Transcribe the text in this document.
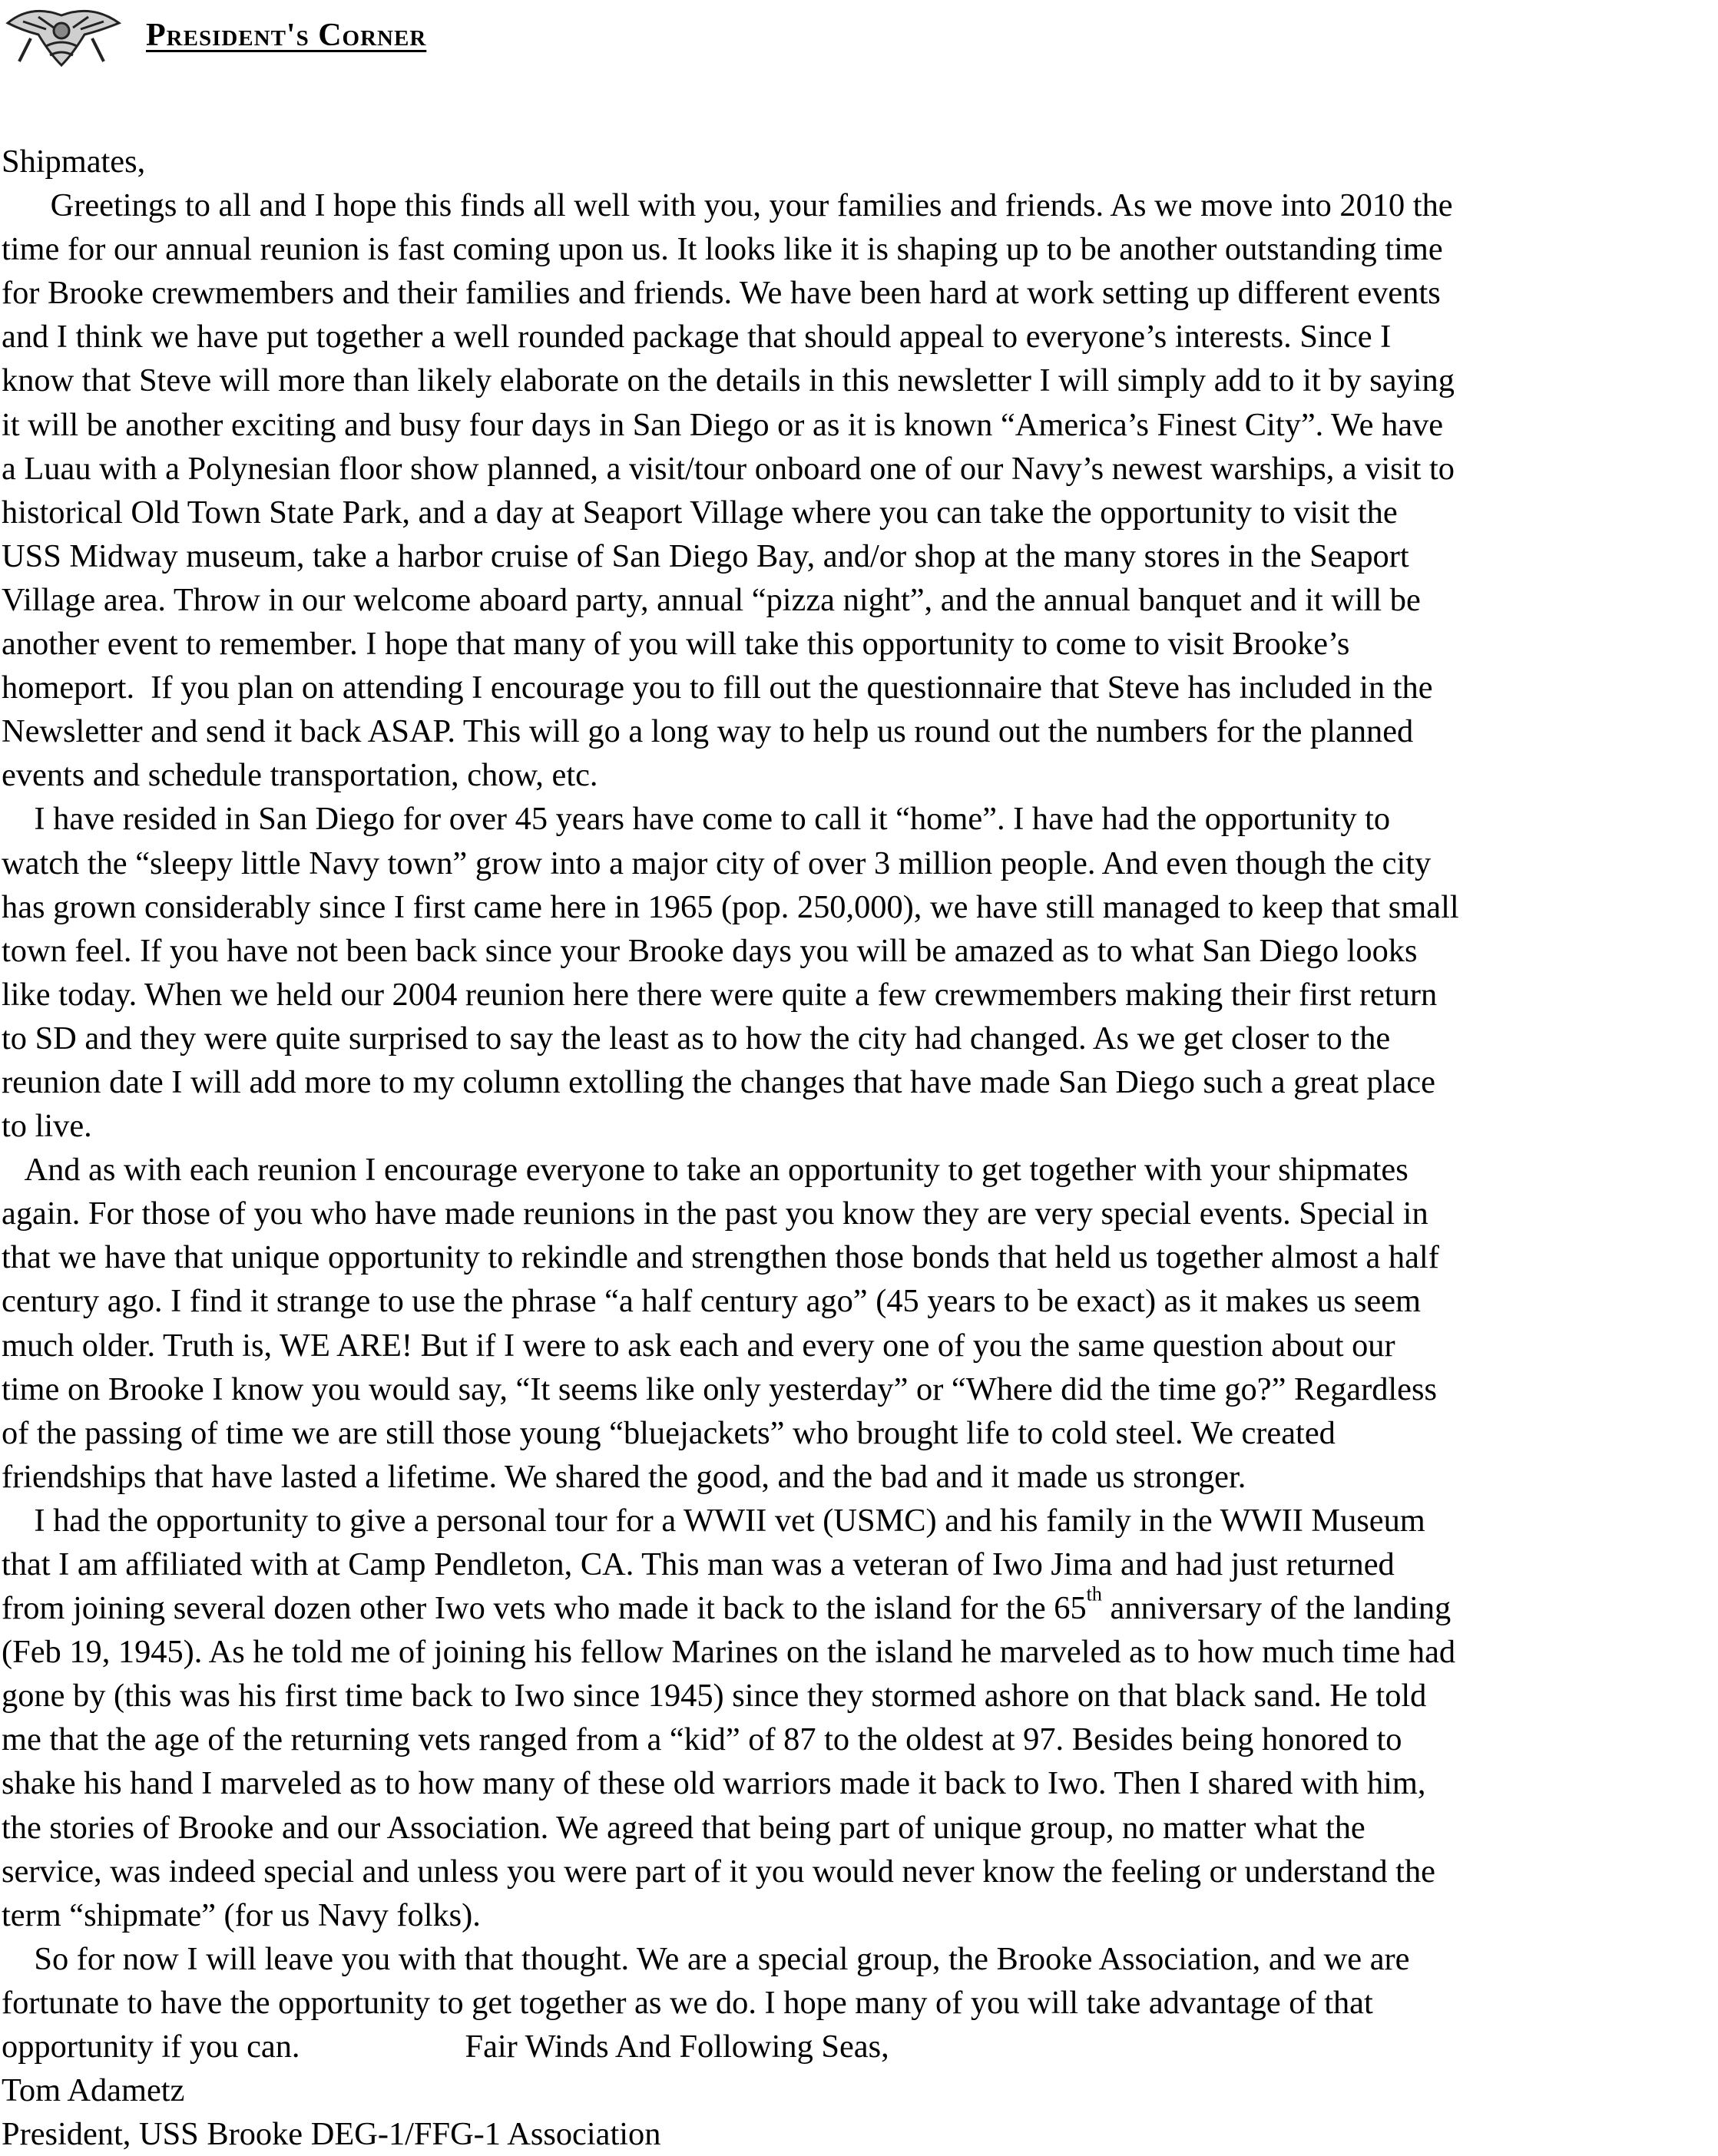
President's Corner
Shipmates,
Greetings to all and I hope this finds all well with you, your families and friends. As we move into 2010 the
time for our annual reunion is fast coming upon us. It looks like it is shaping up to be another outstanding time
for Brooke crewmembers and their families and friends. We have been hard at work setting up different events
and I think we have put together a well rounded package that should appeal to everyone’s interests. Since I
know that Steve will more than likely elaborate on the details in this newsletter I will simply add to it by saying
it will be another exciting and busy four days in San Diego or as it is known “America’s Finest City”. We have
a Luau with a Polynesian floor show planned, a visit/tour onboard one of our Navy’s newest warships, a visit to
historical Old Town State Park, and a day at Seaport Village where you can take the opportunity to visit the
USS Midway museum, take a harbor cruise of San Diego Bay, and/or shop at the many stores in the Seaport
Village area. Throw in our welcome aboard party, annual “pizza night”, and the annual banquet and it will be
another event to remember. I hope that many of you will take this opportunity to come to visit Brooke’s
homeport.  If you plan on attending I encourage you to fill out the questionnaire that Steve has included in the
Newsletter and send it back ASAP. This will go a long way to help us round out the numbers for the planned
events and schedule transportation, chow, etc.
I have resided in San Diego for over 45 years have come to call it “home”. I have had the opportunity to
watch the “sleepy little Navy town” grow into a major city of over 3 million people. And even though the city
has grown considerably since I first came here in 1965 (pop. 250,000), we have still managed to keep that small
town feel. If you have not been back since your Brooke days you will be amazed as to what San Diego looks
like today. When we held our 2004 reunion here there were quite a few crewmembers making their first return
to SD and they were quite surprised to say the least as to how the city had changed. As we get closer to the
reunion date I will add more to my column extolling the changes that have made San Diego such a great place
to live.
And as with each reunion I encourage everyone to take an opportunity to get together with your shipmates
again. For those of you who have made reunions in the past you know they are very special events. Special in
that we have that unique opportunity to rekindle and strengthen those bonds that held us together almost a half
century ago. I find it strange to use the phrase “a half century ago” (45 years to be exact) as it makes us seem
much older. Truth is, WE ARE! But if I were to ask each and every one of you the same question about our
time on Brooke I know you would say, “It seems like only yesterday” or “Where did the time go?” Regardless
of the passing of time we are still those young “bluejackets” who brought life to cold steel. We created
friendships that have lasted a lifetime. We shared the good, and the bad and it made us stronger.
I had the opportunity to give a personal tour for a WWII vet (USMC) and his family in the WWII Museum
that I am affiliated with at Camp Pendleton, CA. This man was a veteran of Iwo Jima and had just returned
from joining several dozen other Iwo vets who made it back to the island for the 65th anniversary of the landing
(Feb 19, 1945). As he told me of joining his fellow Marines on the island he marveled as to how much time had
gone by (this was his first time back to Iwo since 1945) since they stormed ashore on that black sand. He told
me that the age of the returning vets ranged from a “kid” of 87 to the oldest at 97. Besides being honored to
shake his hand I marveled as to how many of these old warriors made it back to Iwo. Then I shared with him,
the stories of Brooke and our Association. We agreed that being part of unique group, no matter what the
service, was indeed special and unless you were part of it you would never know the feeling or understand the
term “shipmate” (for us Navy folks).
So for now I will leave you with that thought. We are a special group, the Brooke Association, and we are
fortunate to have the opportunity to get together as we do. I hope many of you will take advantage of that
opportunity if you can.	Fair Winds And Following Seas,
Tom Adametz
President, USS Brooke DEG-1/FFG-1 Association
